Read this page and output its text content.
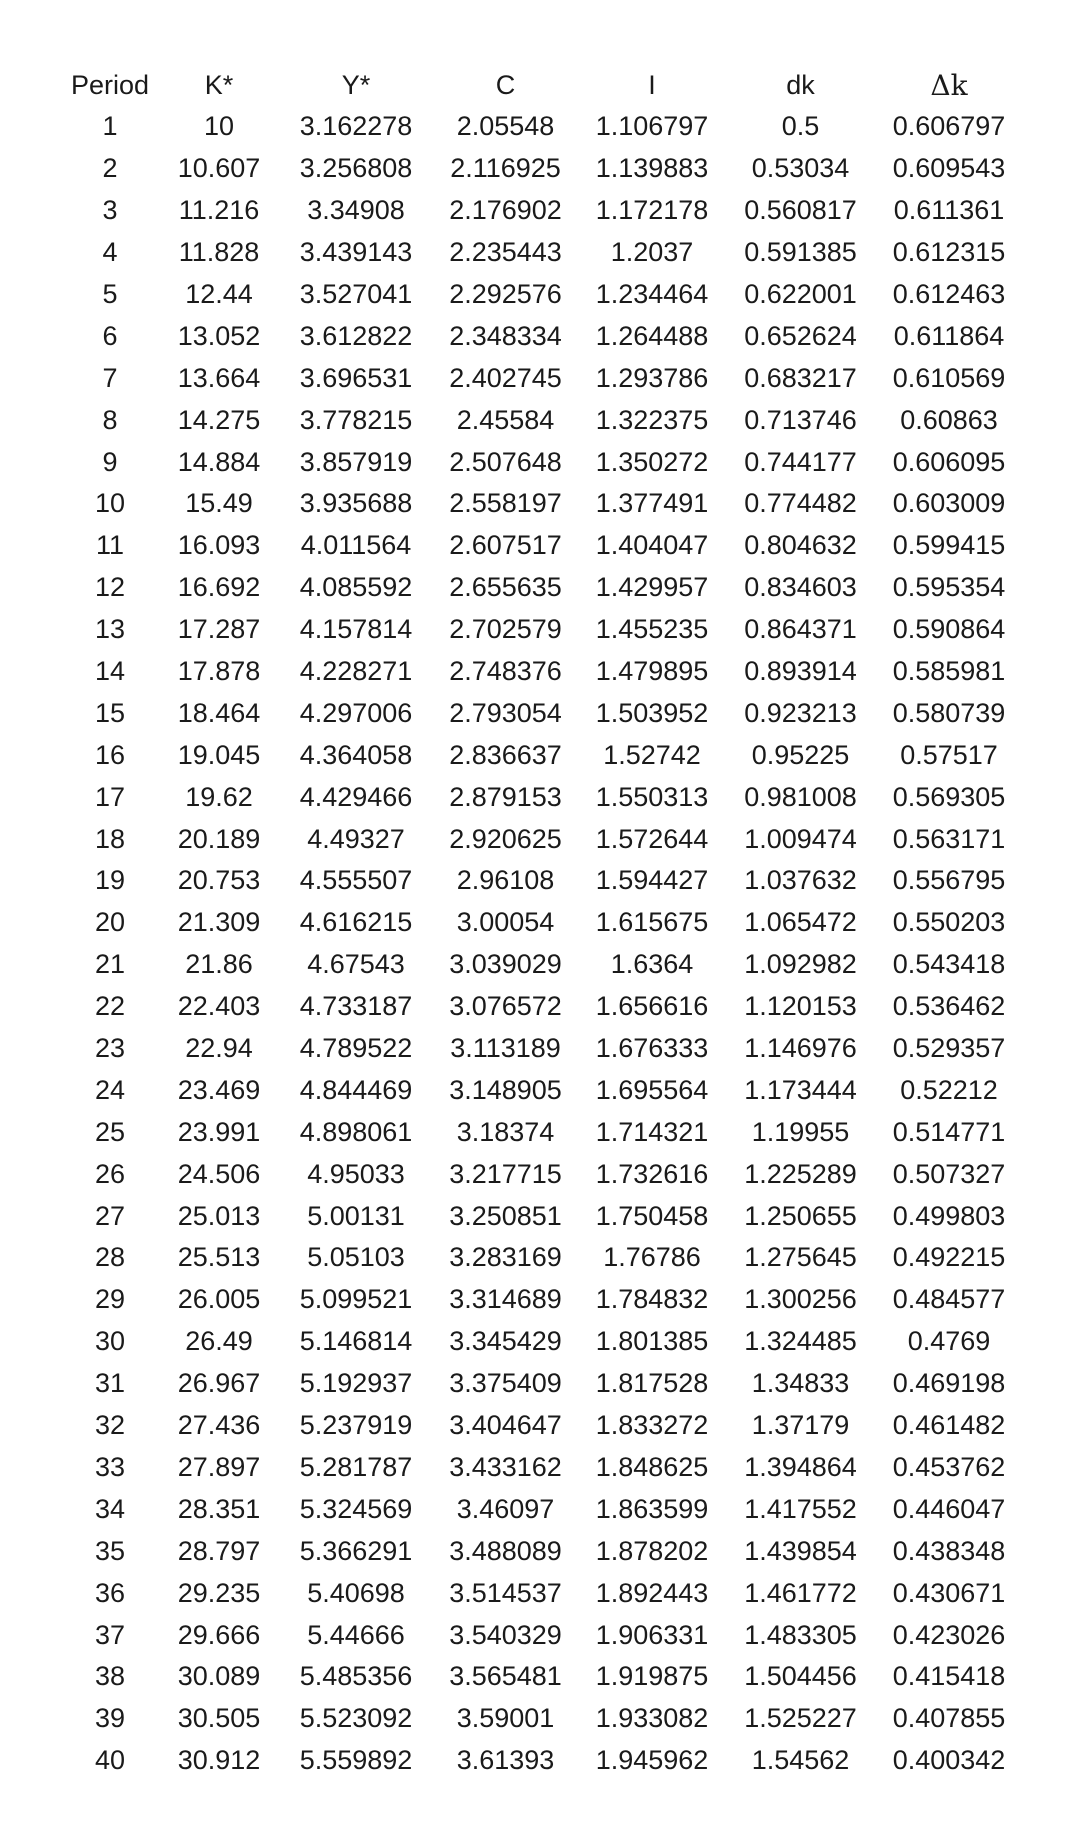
Period	K*	Y*	C	I	dk	Δk
1	10	3.162278	2.05548	1.106797	0.5	0.606797
2	10.607	3.256808	2.116925	1.139883	0.53034	0.609543
3	11.216	3.34908	2.176902	1.172178	0.560817	0.611361
4	11.828	3.439143	2.235443	1.2037	0.591385	0.612315
5	12.44	3.527041	2.292576	1.234464	0.622001	0.612463
6	13.052	3.612822	2.348334	1.264488	0.652624	0.611864
7	13.664	3.696531	2.402745	1.293786	0.683217	0.610569
8	14.275	3.778215	2.45584	1.322375	0.713746	0.60863
9	14.884	3.857919	2.507648	1.350272	0.744177	0.606095
10	15.49	3.935688	2.558197	1.377491	0.774482	0.603009
11	16.093	4.011564	2.607517	1.404047	0.804632	0.599415
12	16.692	4.085592	2.655635	1.429957	0.834603	0.595354
13	17.287	4.157814	2.702579	1.455235	0.864371	0.590864
14	17.878	4.228271	2.748376	1.479895	0.893914	0.585981
15	18.464	4.297006	2.793054	1.503952	0.923213	0.580739
16	19.045	4.364058	2.836637	1.52742	0.95225	0.57517
17	19.62	4.429466	2.879153	1.550313	0.981008	0.569305
18	20.189	4.49327	2.920625	1.572644	1.009474	0.563171
19	20.753	4.555507	2.96108	1.594427	1.037632	0.556795
20	21.309	4.616215	3.00054	1.615675	1.065472	0.550203
21	21.86	4.67543	3.039029	1.6364	1.092982	0.543418
22	22.403	4.733187	3.076572	1.656616	1.120153	0.536462
23	22.94	4.789522	3.113189	1.676333	1.146976	0.529357
24	23.469	4.844469	3.148905	1.695564	1.173444	0.52212
25	23.991	4.898061	3.18374	1.714321	1.19955	0.514771
26	24.506	4.95033	3.217715	1.732616	1.225289	0.507327
27	25.013	5.00131	3.250851	1.750458	1.250655	0.499803
28	25.513	5.05103	3.283169	1.76786	1.275645	0.492215
29	26.005	5.099521	3.314689	1.784832	1.300256	0.484577
30	26.49	5.146814	3.345429	1.801385	1.324485	0.4769
31	26.967	5.192937	3.375409	1.817528	1.34833	0.469198
32	27.436	5.237919	3.404647	1.833272	1.37179	0.461482
33	27.897	5.281787	3.433162	1.848625	1.394864	0.453762
34	28.351	5.324569	3.46097	1.863599	1.417552	0.446047
35	28.797	5.366291	3.488089	1.878202	1.439854	0.438348
36	29.235	5.40698	3.514537	1.892443	1.461772	0.430671
37	29.666	5.44666	3.540329	1.906331	1.483305	0.423026
38	30.089	5.485356	3.565481	1.919875	1.504456	0.415418
39	30.505	5.523092	3.59001	1.933082	1.525227	0.407855
40	30.912	5.559892	3.61393	1.945962	1.54562	0.400342
